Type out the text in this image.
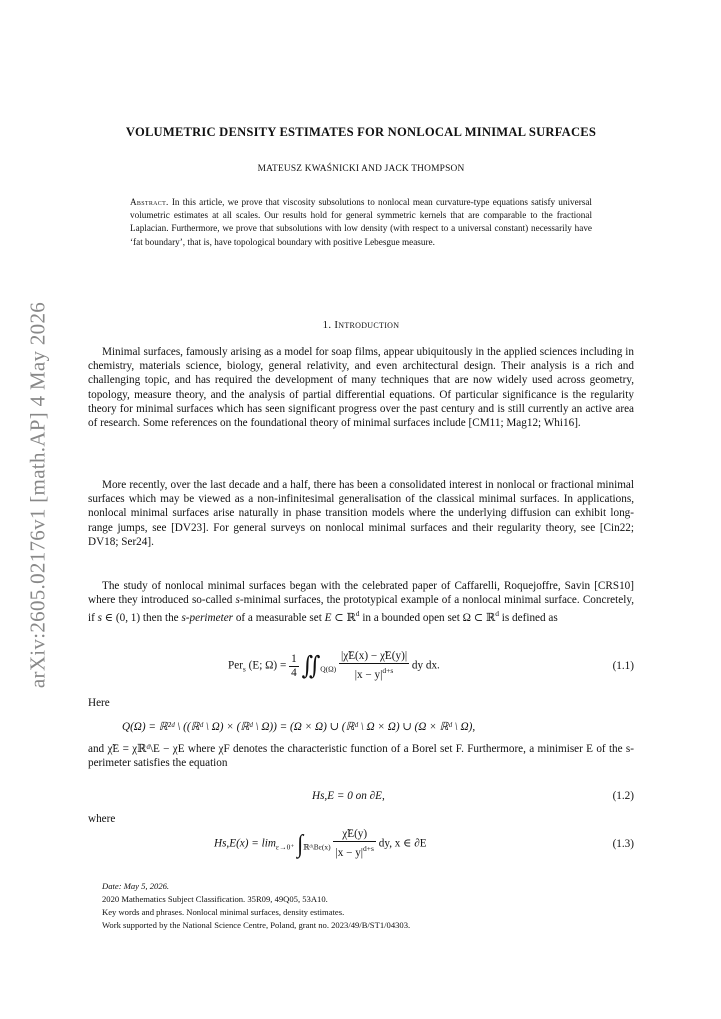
arXiv:2605.02176v1 [math.AP] 4 May 2026
VOLUMETRIC DENSITY ESTIMATES FOR NONLOCAL MINIMAL SURFACES
MATEUSZ KWAŚNICKI AND JACK THOMPSON
Abstract. In this article, we prove that viscosity subsolutions to nonlocal mean curvature-type equations satisfy universal volumetric estimates at all scales. Our results hold for general symmetric kernels that are comparable to the fractional Laplacian. Furthermore, we prove that subsolutions with low density (with respect to a universal constant) necessarily have ‘fat boundary’, that is, have topological boundary with positive Lebesgue measure.
1. Introduction

Minimal surfaces, famously arising as a model for soap films, appear ubiquitously in the applied sciences including in chemistry, materials science, biology, general relativity, and even architectural design. Their analysis is a rich and challenging topic, and has required the development of many techniques that are now widely used across geometry, topology, measure theory, and the analysis of partial differential equations. Of particular significance is the regularity theory for minimal surfaces which has seen significant progress over the past century and is still currently an active area of research. Some references on the foundational theory of minimal surfaces include [CM11; Mag12; Whi16].

More recently, over the last decade and a half, there has been a consolidated interest in nonlocal or fractional minimal surfaces which may be viewed as a non-infinitesimal generalisation of the classical minimal surfaces. In applications, nonlocal minimal surfaces arise naturally in phase transition models where the underlying diffusion can exhibit long-range jumps, see [DV23]. For general surveys on nonlocal minimal surfaces and their regularity theory, see [Cin22; DV18; Ser24].

The study of nonlocal minimal surfaces began with the celebrated paper of Caffarelli, Roquejoffre, Savin [CRS10] where they introduced so-called s-minimal surfaces, the prototypical example of a nonlocal minimal surface. Concretely, if s ∈ (0, 1) then the s-perimeter of a measurable set E ⊂ ℝ$^d$ in a bounded open set Ω ⊂ ℝ$^d$ is defined as

Per$_s$ (E; $\Omega) = \frac{1}{4}$ $∬_{Q(\Omega)} \frac{|\chĩE(x) - \chĩE(y)|}{|x - y|^{d+s}}$ dy dx.	(1.1)
Here
Q(Ω) = ℝ²ᵈ \ ((ℝᵈ \ Ω) × (ℝᵈ \ Ω)) = (Ω × Ω) ∪ (ℝᵈ \ Ω × Ω) ∪ (Ω × ℝᵈ \ Ω),

and χ̃E = χℝᵈ\E − χE where χF denotes the characteristic function of a Borel set F. Furthermore, a minimiser E of the s-perimeter satisfies the equation

Hs,E = 0 on ∂E,	(1.2)
where
$Hs,E(x) = \lim_{\varepsilon\to 0^+} \int_{ℝᵈ\backslash B\varepsilon(x)} \frac{\chĩE(y)}{|x - y|^{d+s}}$ dy, x ∈ ∂E	(1.3)
Date: May 5, 2026.
2020 Mathematics Subject Classification. 35R09, 49Q05, 53A10.
Key words and phrases. Nonlocal minimal surfaces, density estimates.
Work supported by the National Science Centre, Poland, grant no. 2023/49/B/ST1/04303.
